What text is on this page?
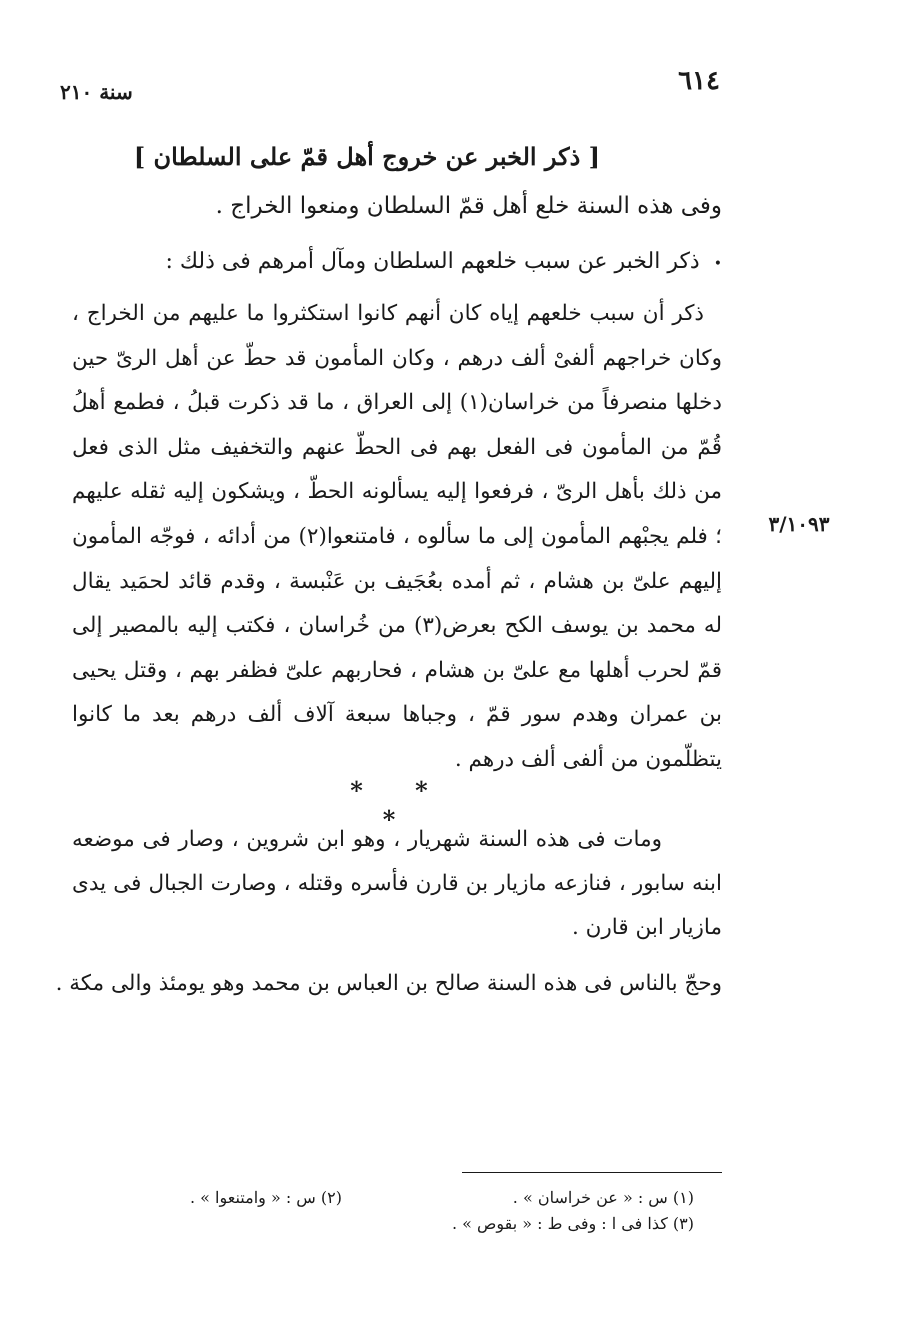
٦١٤
سنة ٢١٠
[ ذكر الخبر عن خروج أهل قمّ على السلطان ]
وفى هذه السنة خلع أهل قمّ السلطان ومنعوا الخراج .
•ذكر الخبر عن سبب خلعهم السلطان ومآل أمرهم فى ذلك :
ذكر أن سبب خلعهم إياه كان أنهم كانوا استكثروا ما عليهم من الخراج ، وكان خراجهم ألفىْ ألف درهم ، وكان المأمون قد حطّ عن أهل الرىّ حين دخلها منصرفاً من خراسان(١) إلى العراق ، ما قد ذكرت قبلُ ، فطمع أهلُ قُمّ من المأمون فى الفعل بهم فى الحطّ عنهم والتخفيف مثل الذى فعل من ذلك بأهل الرىّ ، فرفعوا إليه يسألونه الحطّ ، ويشكون إليه ثقله عليهم ؛ فلم يجبْهم المأمون إلى ما سألوه ، فامتنعوا(٢) من أدائه ، فوجّه المأمون إليهم علىّ بن هشام ، ثم أمده بعُجَيف بن عَنْبسة ، وقدم قائد لحمَيد يقال له محمد بن يوسف الكح بعرض(٣) من خُراسان ، فكتب إليه بالمصير إلى قمّ لحرب أهلها مع علىّ بن هشام ، فحاربهم علىّ فظفر بهم ، وقتل يحيى بن عمران وهدم سور قمّ ، وجباها سبعة آلاف ألف درهم بعد ما كانوا يتظلّمون من ألفى ألف درهم .
٣/١٠٩٣
* * *
ومات فى هذه السنة شهريار ، وهو ابن شروين ، وصار فى موضعه ابنه سابور ، فنازعه مازيار بن قارن فأسره وقتله ، وصارت الجبال فى يدى مازيار ابن قارن .
وحجّ بالناس فى هذه السنة صالح بن العباس بن محمد وهو يومئذ والى مكة .
(١) س : « عن خراسان » .
(٢) س : « وامتنعوا » .
(٣) كذا فى ا : وفى ط : « بقوص » .
